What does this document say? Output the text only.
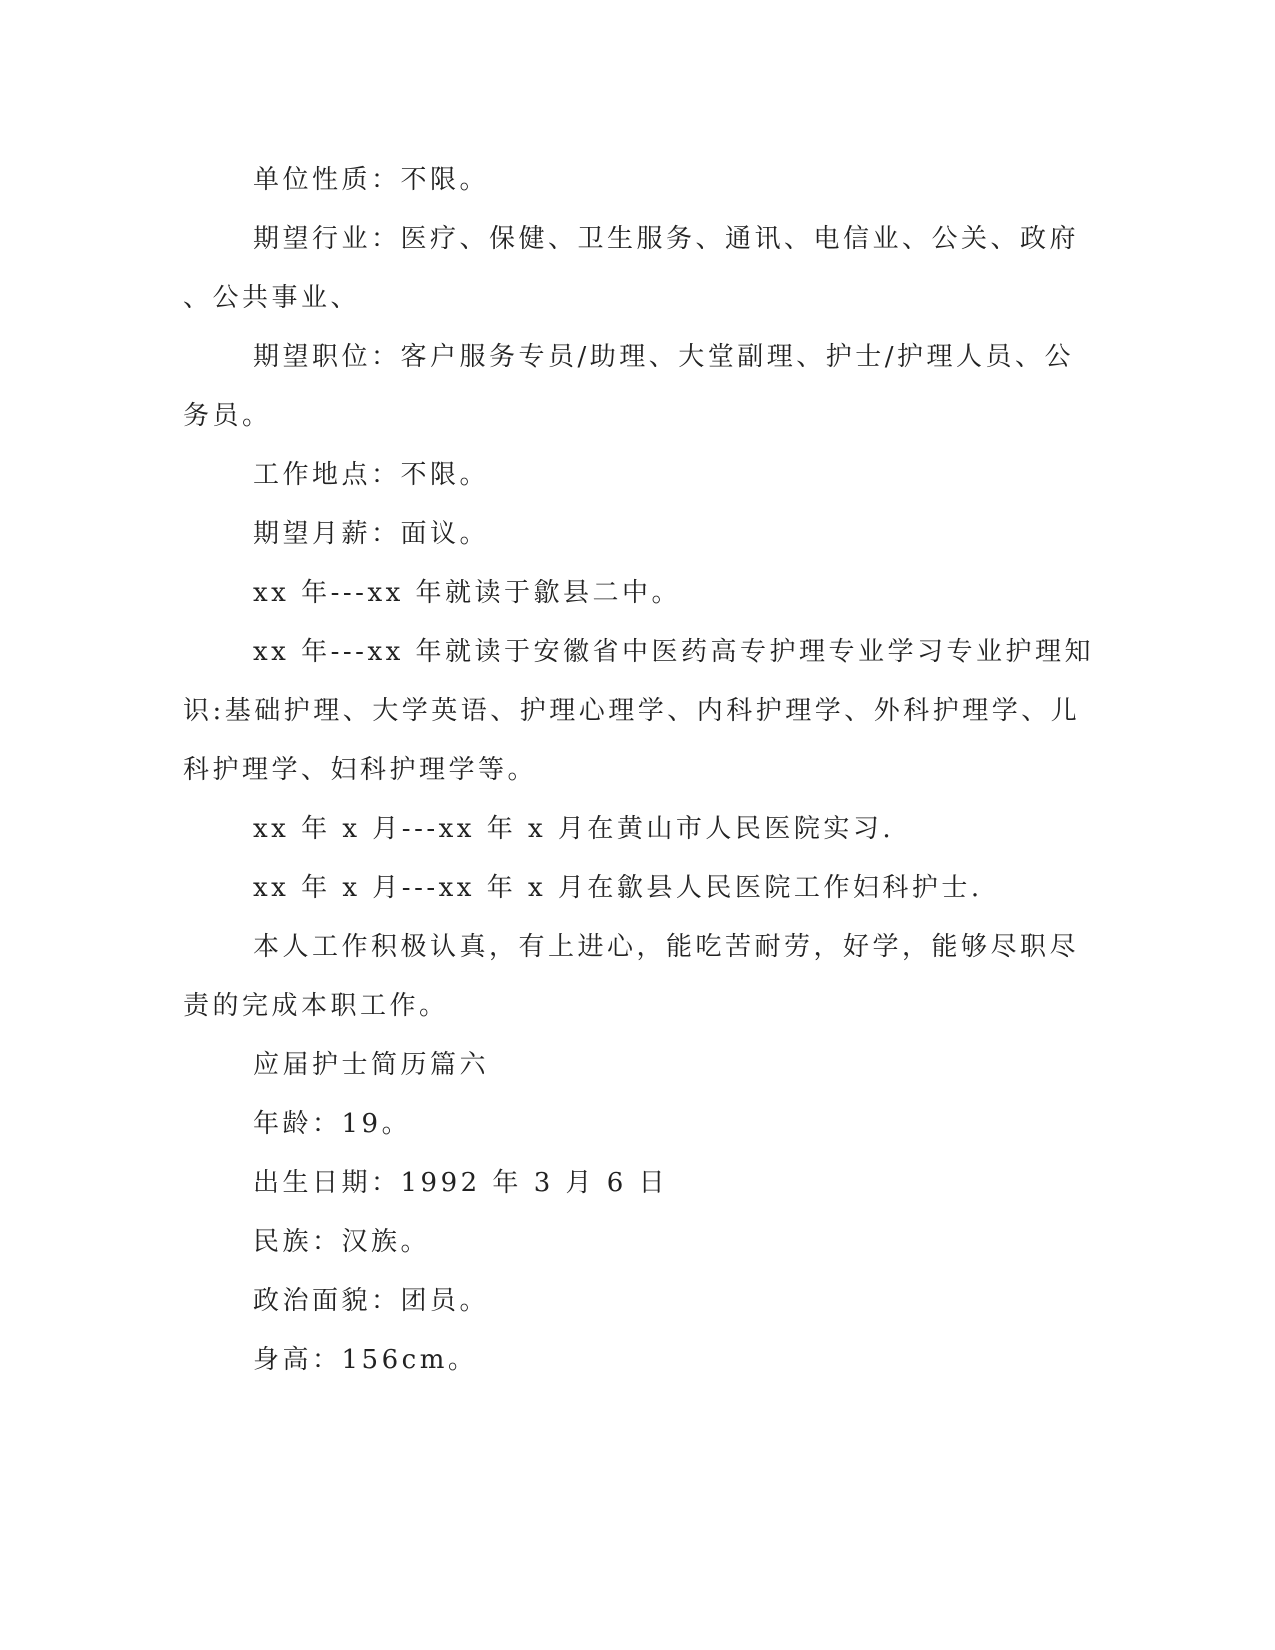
单位性质：不限。
期望行业：医疗、保健、卫生服务、通讯、电信业、公关、政府
、公共事业、
期望职位：客户服务专员/助理、大堂副理、护士/护理人员、公
务员。
工作地点：不限。
期望月薪：面议。
xx 年---xx 年就读于歙县二中。
xx 年---xx 年就读于安徽省中医药高专护理专业学习专业护理知
识:基础护理、大学英语、护理心理学、内科护理学、外科护理学、儿
科护理学、妇科护理学等。
xx 年 x 月---xx 年 x 月在黄山市人民医院实习.
xx 年 x 月---xx 年 x 月在歙县人民医院工作妇科护士.
本人工作积极认真，有上进心，能吃苦耐劳，好学，能够尽职尽
责的完成本职工作。
应届护士简历篇六
年龄：19。
出生日期：1992 年 3 月 6 日
民族：汉族。
政治面貌：团员。
身高：156cm。
